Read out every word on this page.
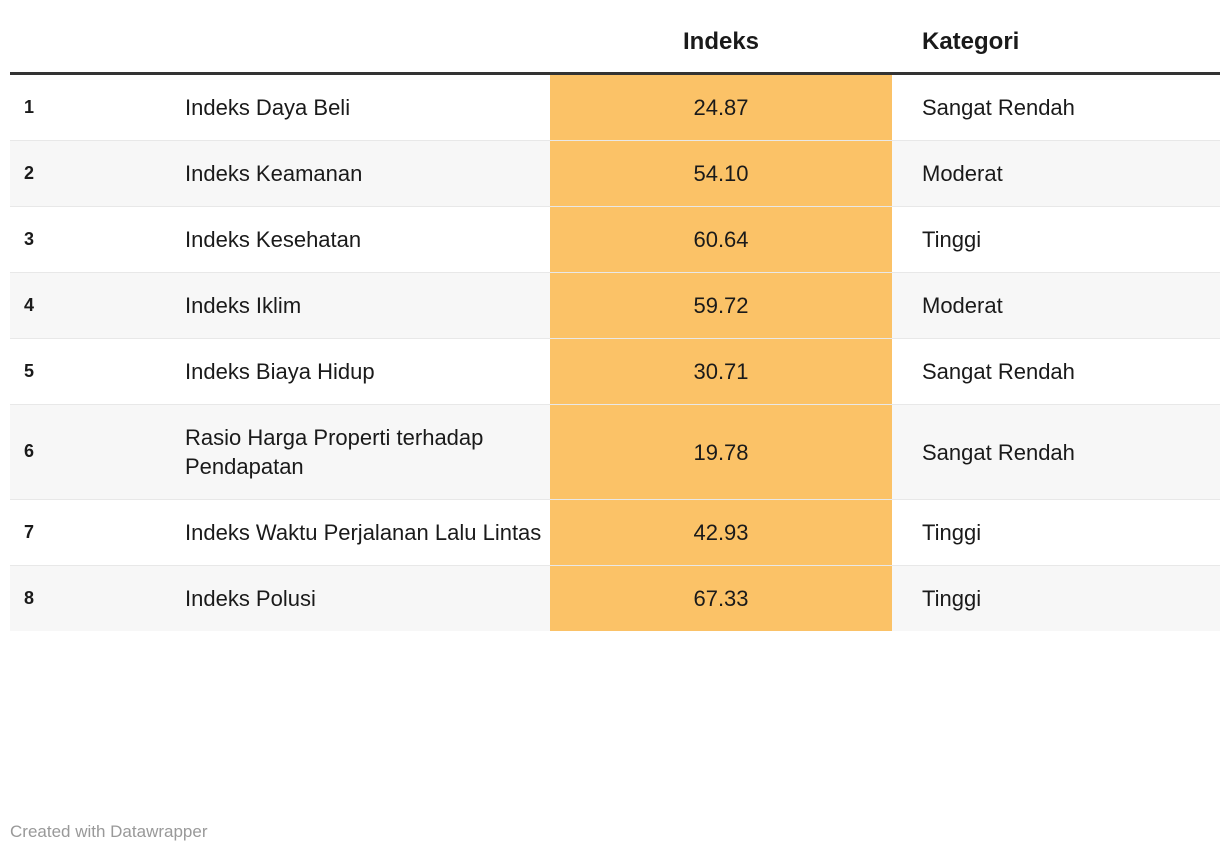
		Indeks	Kategori
1	Indeks Daya Beli	24.87	Sangat Rendah
2	Indeks Keamanan	54.10	Moderat
3	Indeks Kesehatan	60.64	Tinggi
4	Indeks Iklim	59.72	Moderat
5	Indeks Biaya Hidup	30.71	Sangat Rendah
6	Rasio Harga Properti terhadap Pendapatan	19.78	Sangat Rendah
7	Indeks Waktu Perjalanan Lalu Lintas	42.93	Tinggi
8	Indeks Polusi	67.33	Tinggi
Created with Datawrapper
